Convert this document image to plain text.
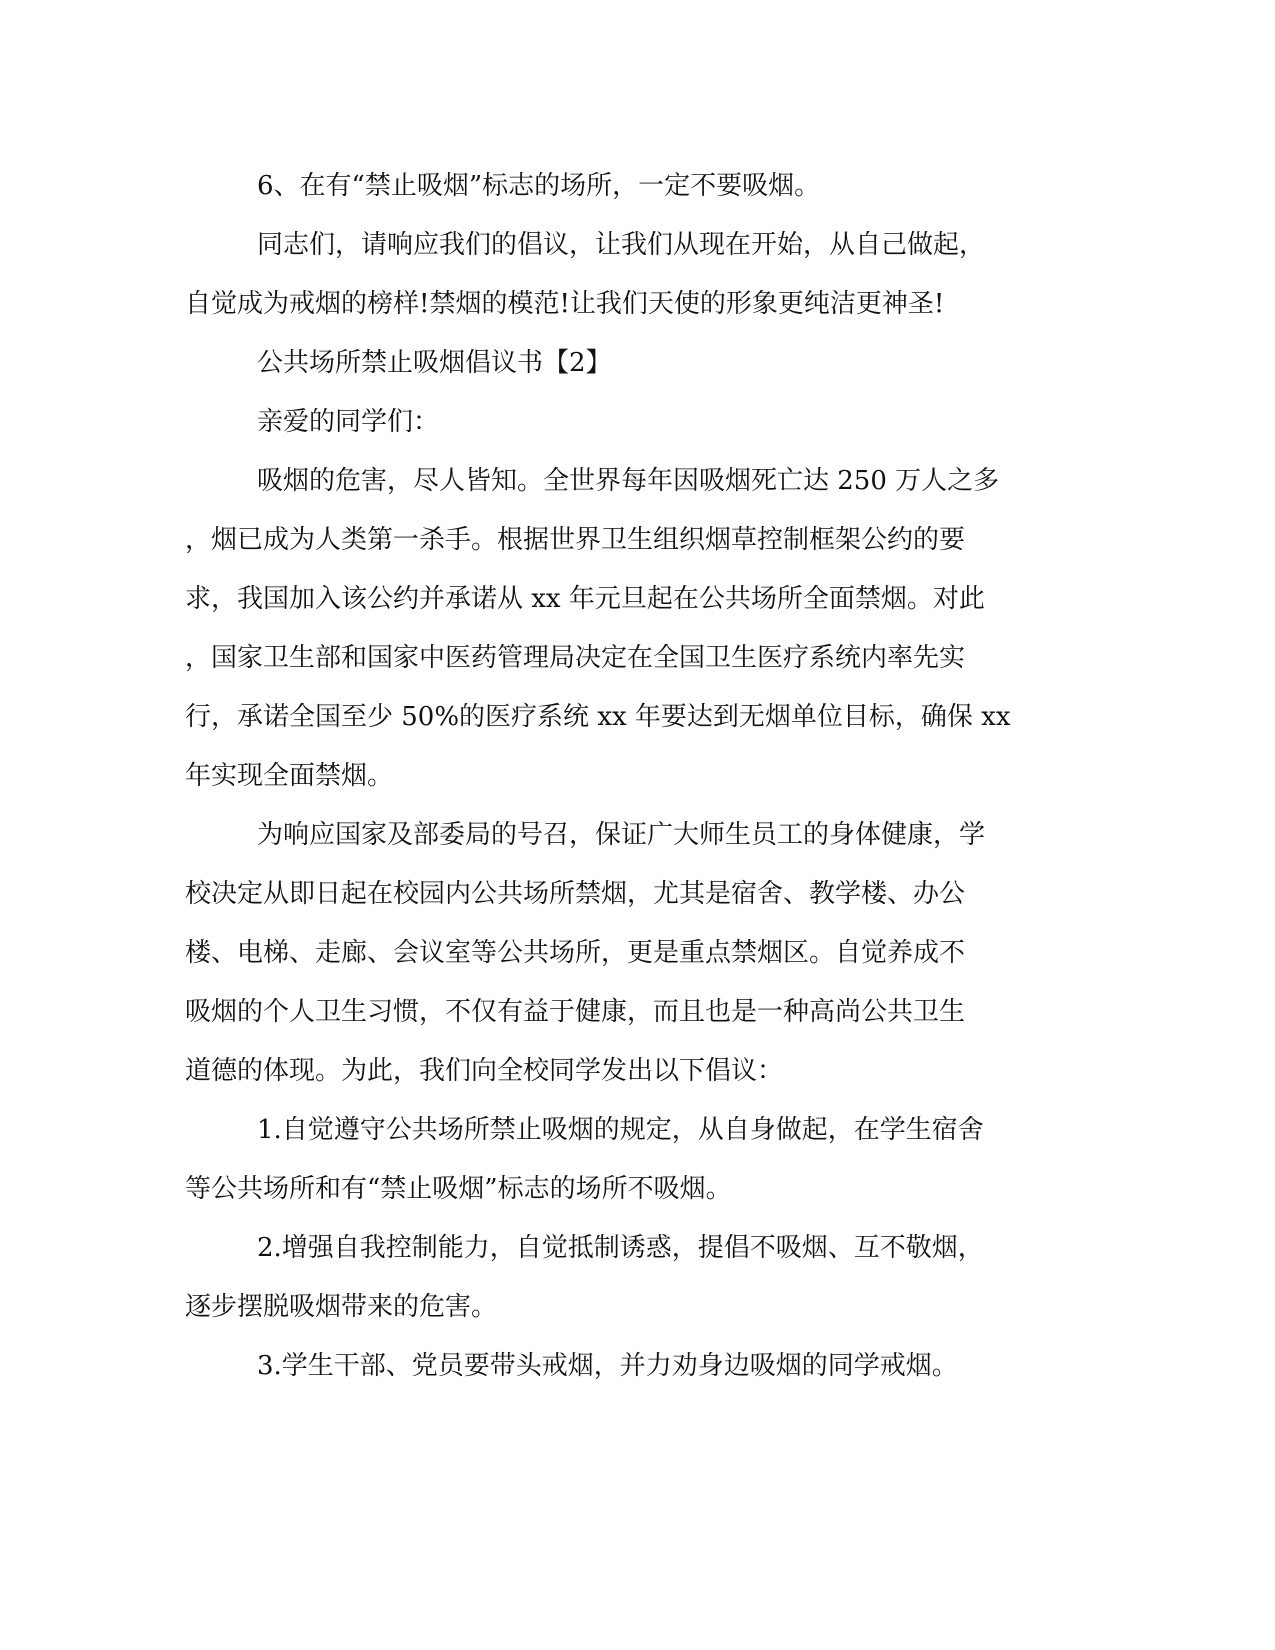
6、在有“禁止吸烟”标志的场所，一定不要吸烟。
同志们，请响应我们的倡议，让我们从现在开始，从自己做起，
自觉成为戒烟的榜样!禁烟的模范!让我们天使的形象更纯洁更神圣!
公共场所禁止吸烟倡议书【2】
亲爱的同学们：
吸烟的危害，尽人皆知。全世界每年因吸烟死亡达 250 万人之多
，烟已成为人类第一杀手。根据世界卫生组织烟草控制框架公约的要
求，我国加入该公约并承诺从 xx 年元旦起在公共场所全面禁烟。对此
，国家卫生部和国家中医药管理局决定在全国卫生医疗系统内率先实
行，承诺全国至少 50%的医疗系统 xx 年要达到无烟单位目标，确保 xx
年实现全面禁烟。
为响应国家及部委局的号召，保证广大师生员工的身体健康，学
校决定从即日起在校园内公共场所禁烟，尤其是宿舍、教学楼、办公
楼、电梯、走廊、会议室等公共场所，更是重点禁烟区。自觉养成不
吸烟的个人卫生习惯，不仅有益于健康，而且也是一种高尚公共卫生
道德的体现。为此，我们向全校同学发出以下倡议：
1.自觉遵守公共场所禁止吸烟的规定，从自身做起，在学生宿舍
等公共场所和有“禁止吸烟”标志的场所不吸烟。
2.增强自我控制能力，自觉抵制诱惑，提倡不吸烟、互不敬烟，
逐步摆脱吸烟带来的危害。
3.学生干部、党员要带头戒烟，并力劝身边吸烟的同学戒烟。
